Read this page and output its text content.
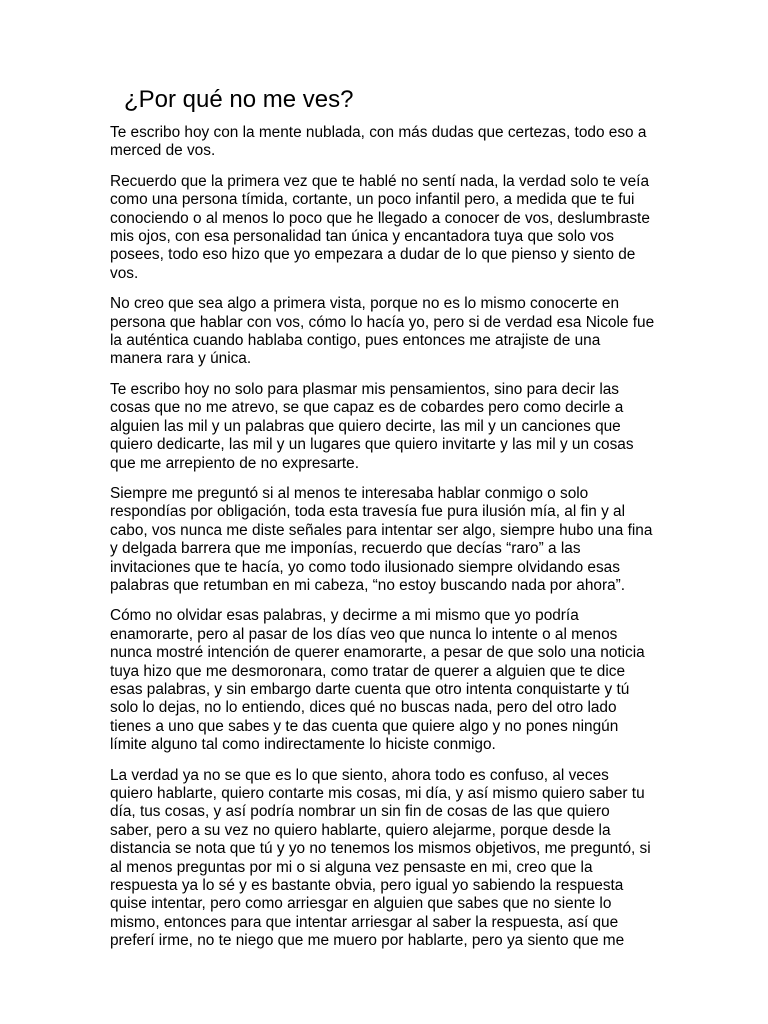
¿Por qué no me ves?

Te escribo hoy con la mente nublada, con más dudas que certezas, todo eso a
merced de vos.

Recuerdo que la primera vez que te hablé no sentí nada, la verdad solo te veía
como una persona tímida, cortante, un poco infantil pero, a medida que te fui
conociendo o al menos lo poco que he llegado a conocer de vos, deslumbraste
mis ojos, con esa personalidad tan única y encantadora tuya que solo vos
posees, todo eso hizo que yo empezara a dudar de lo que pienso y siento de
vos.

No creo que sea algo a primera vista, porque no es lo mismo conocerte en
persona que hablar con vos, cómo lo hacía yo, pero si de verdad esa Nicole fue
la auténtica cuando hablaba contigo, pues entonces me atrajiste de una
manera rara y única.

Te escribo hoy no solo para plasmar mis pensamientos, sino para decir las
cosas que no me atrevo, se que capaz es de cobardes pero como decirle a
alguien las mil y un palabras que quiero decirte, las mil y un canciones que
quiero dedicarte, las mil y un lugares que quiero invitarte y las mil y un cosas
que me arrepiento de no expresarte.

Siempre me preguntó si al menos te interesaba hablar conmigo o solo
respondías por obligación, toda esta travesía fue pura ilusión mía, al fin y al
cabo, vos nunca me diste señales para intentar ser algo, siempre hubo una fina
y delgada barrera que me imponías, recuerdo que decías “raro” a las
invitaciones que te hacía, yo como todo ilusionado siempre olvidando esas
palabras que retumban en mi cabeza, “no estoy buscando nada por ahora”.

Cómo no olvidar esas palabras, y decirme a mi mismo que yo podría
enamorarte, pero al pasar de los días veo que nunca lo intente o al menos
nunca mostré intención de querer enamorarte, a pesar de que solo una noticia
tuya hizo que me desmoronara, como tratar de querer a alguien que te dice
esas palabras, y sin embargo darte cuenta que otro intenta conquistarte y tú
solo lo dejas, no lo entiendo, dices qué no buscas nada, pero del otro lado
tienes a uno que sabes y te das cuenta que quiere algo y no pones ningún
límite alguno tal como indirectamente lo hiciste conmigo.

La verdad ya no se que es lo que siento, ahora todo es confuso, al veces
quiero hablarte, quiero contarte mis cosas, mi día, y así mismo quiero saber tu
día, tus cosas, y así podría nombrar un sin fin de cosas de las que quiero
saber, pero a su vez no quiero hablarte, quiero alejarme, porque desde la
distancia se nota que tú y yo no tenemos los mismos objetivos, me preguntó, si
al menos preguntas por mi o si alguna vez pensaste en mi, creo que la
respuesta ya lo sé y es bastante obvia, pero igual yo sabiendo la respuesta
quise intentar, pero como arriesgar en alguien que sabes que no siente lo
mismo, entonces para que intentar arriesgar al saber la respuesta, así que
preferí irme, no te niego que me muero por hablarte, pero ya siento que me
